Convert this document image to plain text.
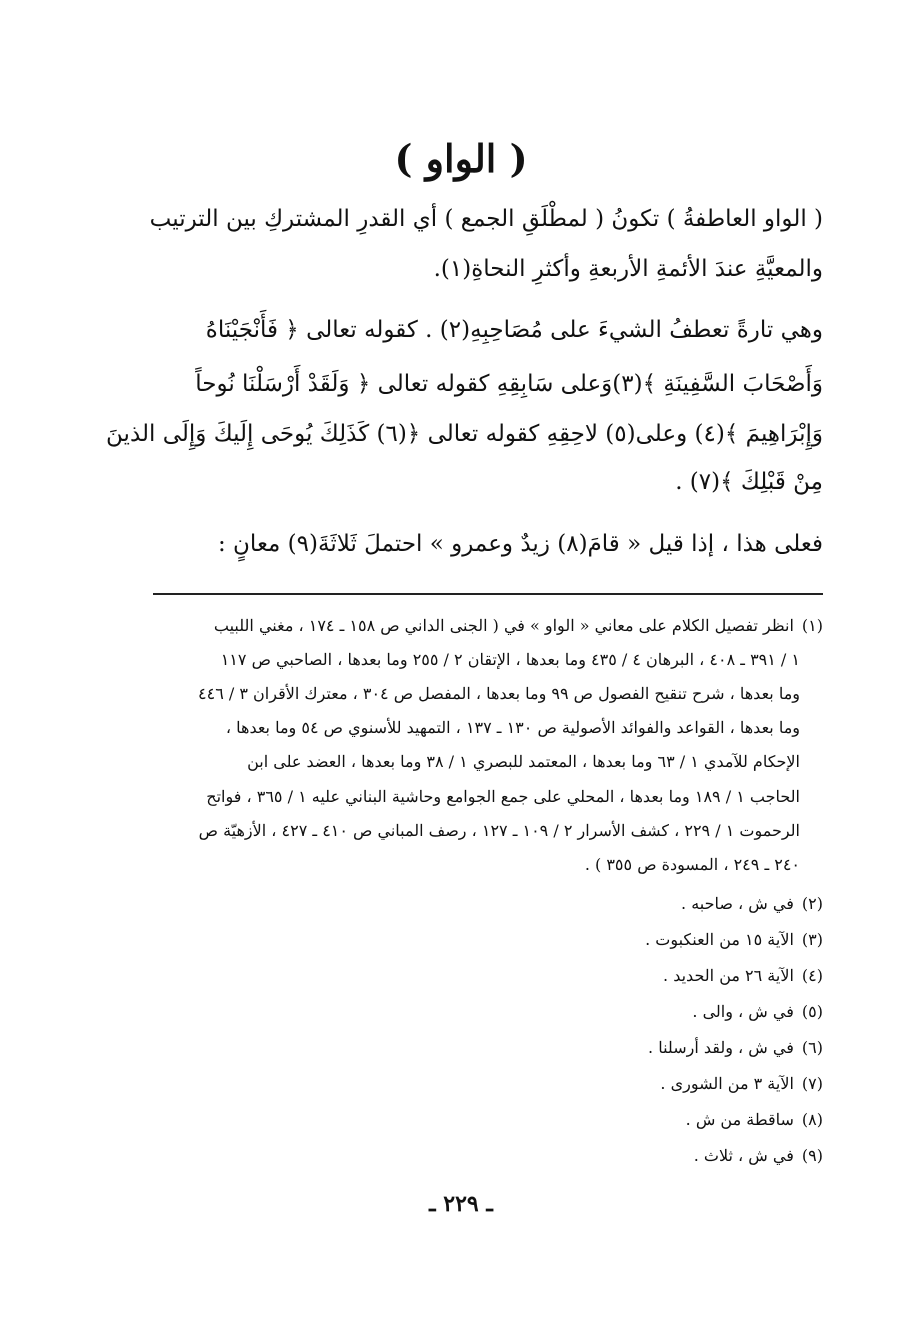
( الواو )
( الواو العاطفةُ ) تكونُ ( لمطْلَقِ الجمع ) أي القدرِ المشتركِ بين الترتيب
والمعيَّةِ عندَ الأئمةِ الأربعةِ وأكثرِ النحاةِ(١).
وهي تارةً تعطفُ الشيءَ على مُصَاحِبِهِ(٢) . كقوله تعالى ﴿ فَأَنْجَيْنَاهُ
وَأَصْحَابَ السَّفِينَةِ ﴾(٣)وَعلى سَابِقِهِ كقوله تعالى ﴿ وَلَقَدْ أَرْسَلْنَا نُوحاً
وَإِبْرَاهِيمَ ﴾(٤) وعلى(٥) لاحِقِهِ كقوله تعالى ﴿(٦) كَذَلِكَ يُوحَى إِلَيكَ وَإِلَى الذينَ
مِنْ قَبْلِكَ ﴾(٧) .
فعلى هذا ، إذا قيل « قامَ(٨) زيدٌ وعمرو » احتملَ ثَلاثَةَ(٩) معانٍ :
(١)انظر تفصيل الكلام على معاني « الواو » في ( الجنى الداني ص ١٥٨ ـ ١٧٤ ، مغني اللبيب
١ / ٣٩١ ـ ٤٠٨ ، البرهان ٤ / ٤٣٥ وما بعدها ، الإتقان ٢ / ٢٥٥ وما بعدها ، الصاحبي ص ١١٧
وما بعدها ، شرح تنقيح الفصول ص ٩٩ وما بعدها ، المفصل ص ٣٠٤ ، معترك الأقران ٣ / ٤٤٦
وما بعدها ، القواعد والفوائد الأصولية ص ١٣٠ ـ ١٣٧ ، التمهيد للأسنوي ص ٥٤ وما بعدها ،
الإحكام للآمدي ١ / ٦٣ وما بعدها ، المعتمد للبصري ١ / ٣٨ وما بعدها ، العضد على ابن
الحاجب ١ / ١٨٩ وما بعدها ، المحلي على جمع الجوامع وحاشية البناني عليه ١ / ٣٦٥ ، فواتح
الرحموت ١ / ٢٢٩ ، كشف الأسرار ٢ / ١٠٩ ـ ١٢٧ ، رصف المباني ص ٤١٠ ـ ٤٢٧ ، الأزهيّة ص
٢٤٠ ـ ٢٤٩ ، المسودة ص ٣٥٥ ) .
(٢)في ش ، صاحبه .
(٣)الآية ١٥ من العنكبوت .
(٤)الآية ٢٦ من الحديد .
(٥)في ش ، والى .
(٦)في ش ، ولقد أرسلنا .
(٧)الآية ٣ من الشورى .
(٨)ساقطة من ش .
(٩)في ش ، ثلاث .
ـ ٢٢٩ ـ
